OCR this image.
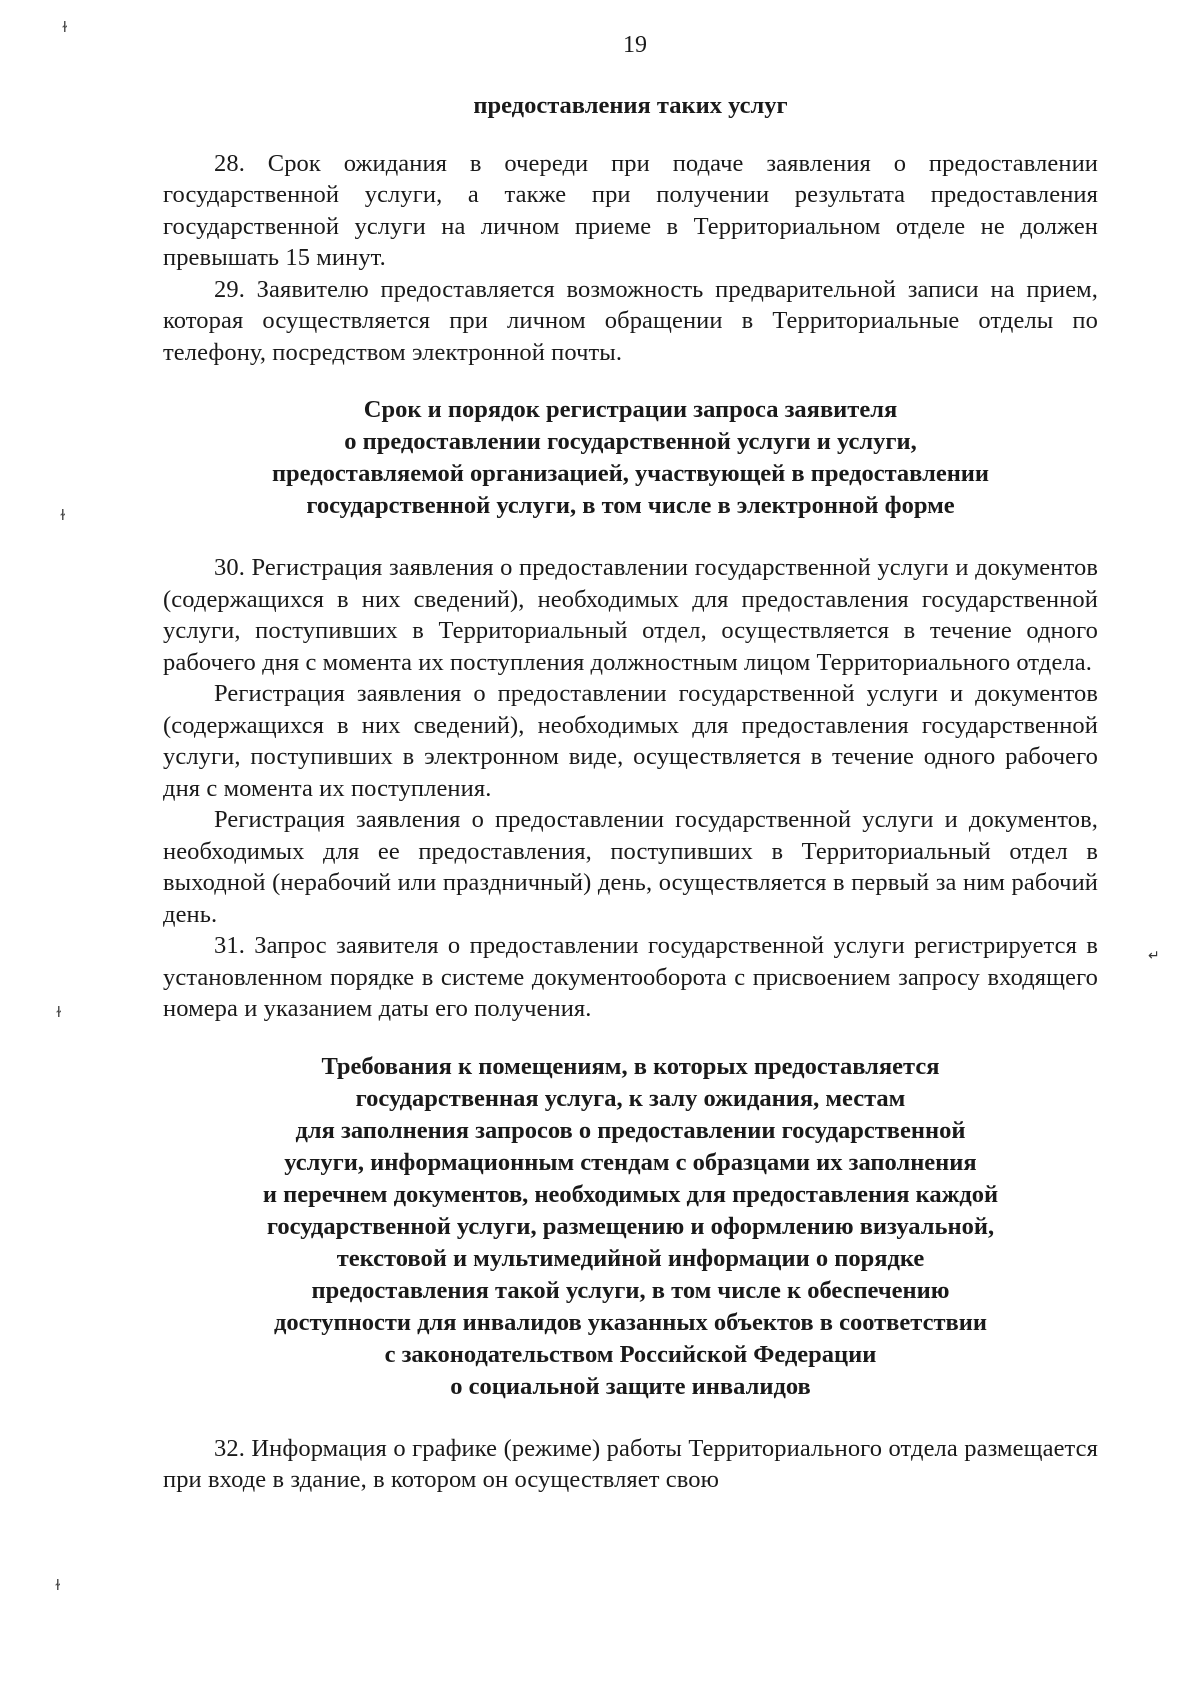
ɫ
ɫ
ɫ
ɫ
↵
19

предоставления таких услуг

28. Срок ожидания в очереди при подаче заявления о предоставлении государственной услуги, а также при получении результата предоставления государственной услуги на личном приеме в Территориальном отделе не должен превышать 15 минут.

29. Заявителю предоставляется возможность предварительной записи на прием, которая осуществляется при личном обращении в Территориальные отделы по телефону, посредством электронной почты.

Срок и порядок регистрации запроса заявителя
о предоставлении государственной услуги и услуги,
предоставляемой организацией, участвующей в предоставлении
государственной услуги, в том числе в электронной форме

30. Регистрация заявления о предоставлении государственной услуги и документов (содержащихся в них сведений), необходимых для предоставления государственной услуги, поступивших в Территориальный отдел, осуществляется в течение одного рабочего дня с момента их поступления должностным лицом Территориального отдела.

Регистрация заявления о предоставлении государственной услуги и документов (содержащихся в них сведений), необходимых для предоставления государственной услуги, поступивших в электронном виде, осуществляется в течение одного рабочего дня с момента их поступления.

Регистрация заявления о предоставлении государственной услуги и документов, необходимых для ее предоставления, поступивших в Территориальный отдел в выходной (нерабочий или праздничный) день, осуществляется в первый за ним рабочий день.

31. Запрос заявителя о предоставлении государственной услуги регистрируется в установленном порядке в системе документооборота с присвоением запросу входящего номера и указанием даты его получения.

Требования к помещениям, в которых предоставляется
государственная услуга, к залу ожидания, местам
для заполнения запросов о предоставлении государственной
услуги, информационным стендам с образцами их заполнения
и перечнем документов, необходимых для предоставления каждой
государственной услуги, размещению и оформлению визуальной,
текстовой и мультимедийной информации о порядке
предоставления такой услуги, в том числе к обеспечению
доступности для инвалидов указанных объектов в соответствии
с законодательством Российской Федерации
о социальной защите инвалидов

32. Информация о графике (режиме) работы Территориального отдела размещается при входе в здание, в котором он осуществляет свою
